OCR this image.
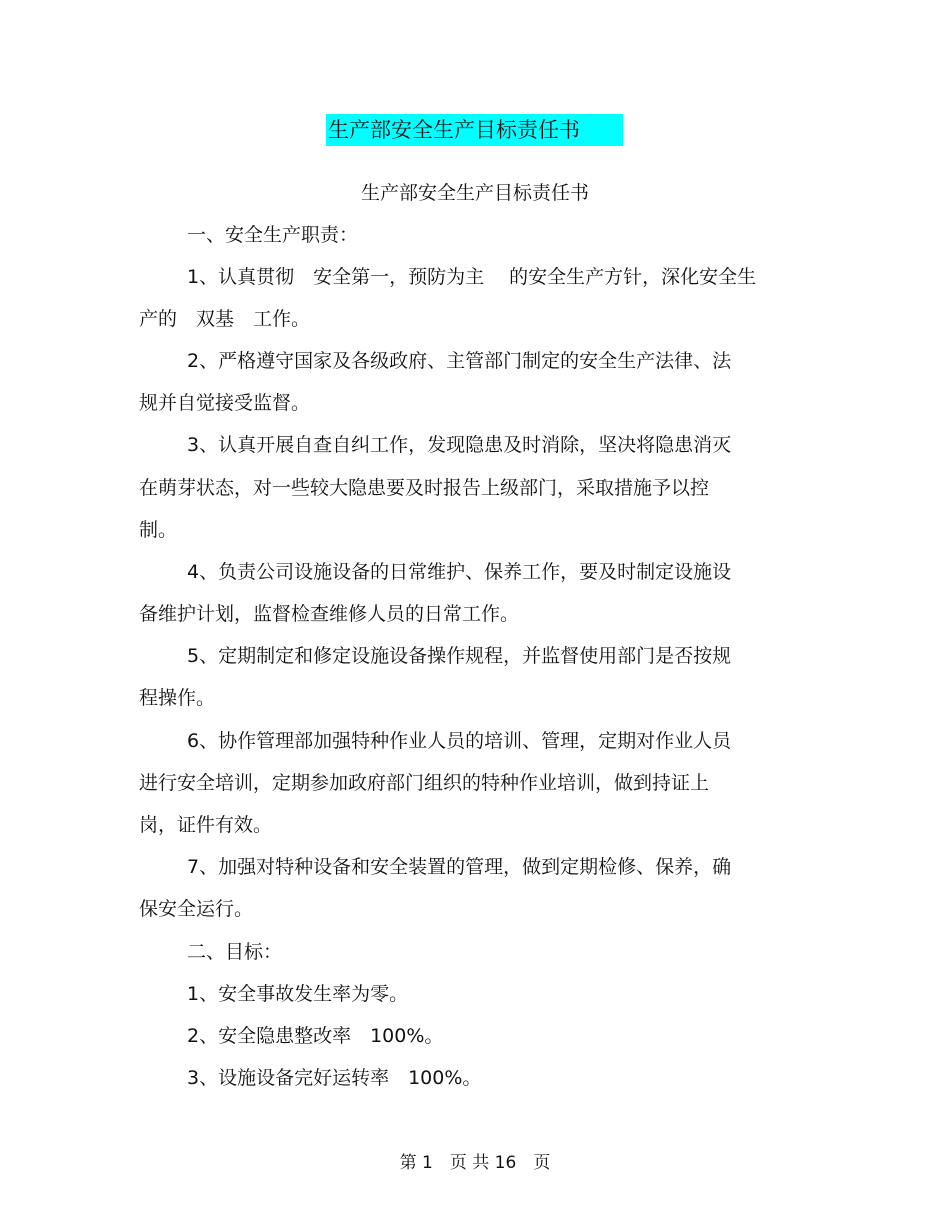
生产部安全生产目标责任书
生产部安全生产目标责任书
一、安全生产职责：
1、认真贯彻　安全第一，预防为主　 的安全生产方针，深化安全生
产的　双基　工作。
2、严格遵守国家及各级政府、主管部门制定的安全生产法律、法
规并自觉接受监督。
3、认真开展自查自纠工作，发现隐患及时消除，坚决将隐患消灭
在萌芽状态，对一些较大隐患要及时报告上级部门，采取措施予以控
制。
4、负责公司设施设备的日常维护、保养工作，要及时制定设施设
备维护计划，监督检查维修人员的日常工作。
5、定期制定和修定设施设备操作规程，并监督使用部门是否按规
程操作。
6、协作管理部加强特种作业人员的培训、管理，定期对作业人员
进行安全培训，定期参加政府部门组织的特种作业培训，做到持证上
岗，证件有效。
7、加强对特种设备和安全装置的管理，做到定期检修、保养，确
保安全运行。
二、目标：
1、安全事故发生率为零。
2、安全隐患整改率　100%。
3、设施设备完好运转率　100%。
第 1　页 共 16　页
